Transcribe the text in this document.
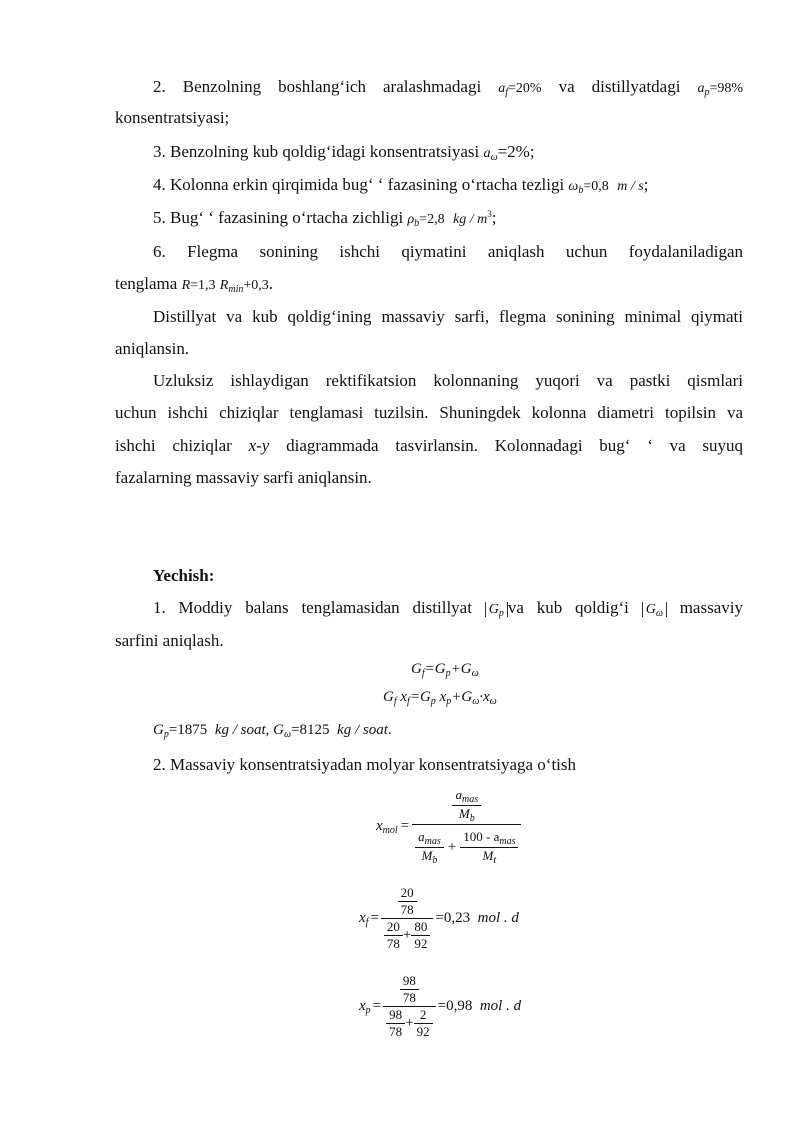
2. Benzolning boshlang‘ich aralashmadagi $a_f=20\%$ va distillyatdagi $a_p=98\%$
konsentratsiyasi;
3. Benzolning kub qoldig‘idagi konsentratsiyasi $a_\omega=2\%$;
4. Kolonna erkin qirqimida bug‘ ‘ fazasining o‘rtacha tezligi $\omega_b=0,8$ m / s;
5. Bug‘ ‘ fazasining o‘rtacha zichligi $\rho_b=2,8$ kg / $m^3$;
6. Flegma sonining ishchi qiymatini aniqlash uchun foydalaniladigan
tenglama R=1,3 $R_{min}+0,3$.
Distillyat va kub qoldig‘ining massaviy sarfi, flegma sonining minimal qiymati
aniqlansin.
Uzluksiz ishlaydigan rektifikatsion kolonnaning yuqori va pastki qismlari
uchun ishchi chiziqlar tenglamasi tuzilsin. Shuningdek kolonna diametri topilsin va
ishchi chiziqlar x-y diagrammada tasvirlansin. Kolonnadagi bug‘ ‘ va suyuq
fazalarning massaviy sarfi aniqlansin.
Yechish:
1. Moddiy balans tenglamasidan distillyat $G_p$ va kub qoldig‘i $G_\omega$ massaviy
sarfini aniqlash.
$G_f=G_p+G_\omega$
$G_f$ $x_f=G_p$ $x_p+G_\omega\cdot x_\omega$
$G_p=1875$ kg / soat, $G_\omega=8125$ kg / soat.
2. Massaviy konsentratsiyadan molyar konsentratsiyaga o‘tish
$x_{mol}$ =
$\frac{a_{mas}}{M_b}$
$\frac{a_{mas}}{M_b} + \frac{100 - a_{mas}}{M_t}$
$x_f = \frac{20}{78}$
$\frac{20}{78} + \frac{80}{92}$
=0,23
mol . d
$x_p = \frac{98}{78}$
$\frac{98}{78} + \frac{2}{92}$
=0,98
mol . d
